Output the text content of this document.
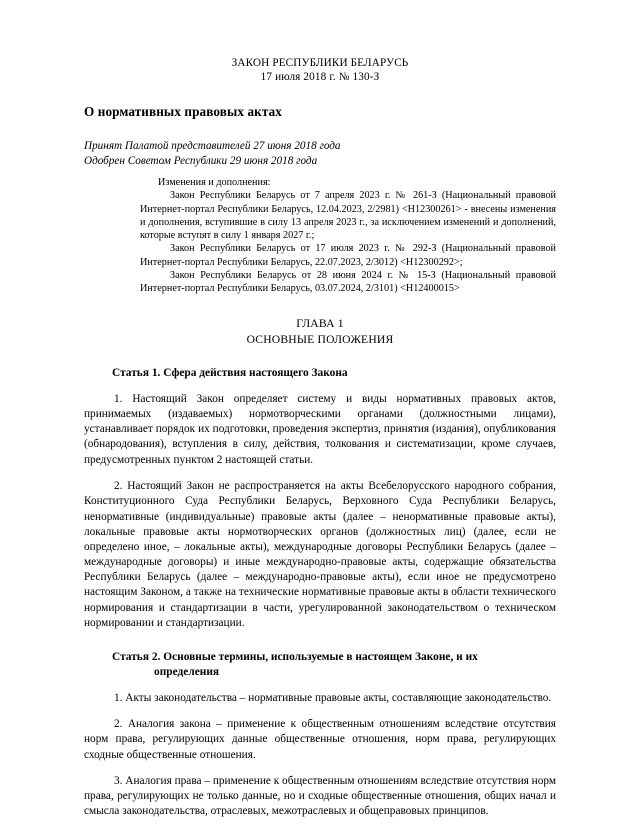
ЗАКОН РЕСПУБЛИКИ БЕЛАРУСЬ
17 июля 2018 г. № 130-З
О нормативных правовых актах
Принят Палатой представителей 27 июня 2018 года
Одобрен Советом Республики 29 июня 2018 года
Изменения и дополнения:
Закон Республики Беларусь от 7 апреля 2023 г. № 261-З (Национальный правовой Интернет-портал Республики Беларусь, 12.04.2023, 2/2981) <H12300261> - внесены изменения и дополнения, вступившие в силу 13 апреля 2023 г., за исключением изменений и дополнений, которые вступят в силу 1 января 2027 г.;
Закон Республики Беларусь от 17 июля 2023 г. № 292-З (Национальный правовой Интернет-портал Республики Беларусь, 22.07.2023, 2/3012) <H12300292>;
Закон Республики Беларусь от 28 июня 2024 г. № 15-З (Национальный правовой Интернет-портал Республики Беларусь, 03.07.2024, 2/3101) <H12400015>
ГЛАВА 1
ОСНОВНЫЕ ПОЛОЖЕНИЯ
Статья 1. Сфера действия настоящего Закона

1. Настоящий Закон определяет систему и виды нормативных правовых актов, принимаемых (издаваемых) нормотворческими органами (должностными лицами), устанавливает порядок их подготовки, проведения экспертиз, принятия (издания), опубликования (обнародования), вступления в силу, действия, толкования и систематизации, кроме случаев, предусмотренных пунктом 2 настоящей статьи.

2. Настоящий Закон не распространяется на акты Всебелорусского народного собрания, Конституционного Суда Республики Беларусь, Верховного Суда Республики Беларусь, ненормативные (индивидуальные) правовые акты (далее – ненормативные правовые акты), локальные правовые акты нормотворческих органов (должностных лиц) (далее, если не определено иное, – локальные акты), международные договоры Республики Беларусь (далее – международные договоры) и иные международно-правовые акты, содержащие обязательства Республики Беларусь (далее – международно-правовые акты), если иное не предусмотрено настоящим Законом, а также на технические нормативные правовые акты в области технического нормирования и стандартизации в части, урегулированной законодательством о техническом нормировании и стандартизации.

Статья 2. Основные термины, используемые в настоящем Законе, и их
определения

1. Акты законодательства – нормативные правовые акты, составляющие законодательство.

2. Аналогия закона – применение к общественным отношениям вследствие отсутствия норм права, регулирующих данные общественные отношения, норм права, регулирующих сходные общественные отношения.

3. Аналогия права – применение к общественным отношениям вследствие отсутствия норм права, регулирующих не только данные, но и сходные общественные отношения, общих начал и смысла законодательства, отраслевых, межотраслевых и общеправовых принципов.
